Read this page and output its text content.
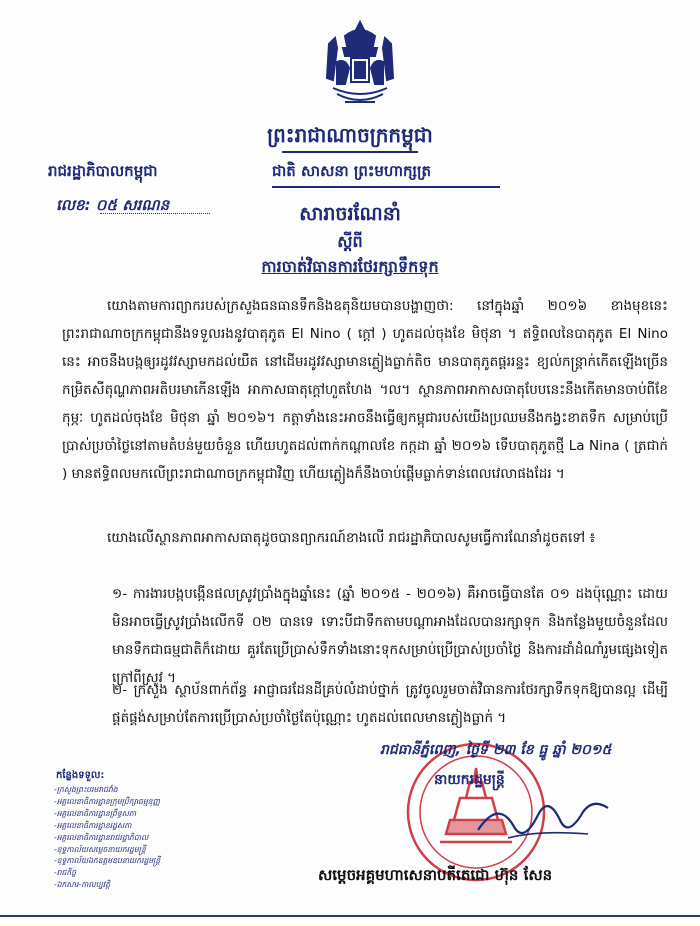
ព្រះរាជាណាចក្រកម្ពុជា
រាជរដ្ឋាភិបាលកម្ពុជា	ជាតិ សាសនា ព្រះមហាក្សត្រ
លេខ: ០៥ សរណន	សារាចរណែនាំ
ស្តីពី
ការចាត់វិធានការថែរក្សាទឹកទុក

យោងតាមការព្យាករបស់ក្រសួងធនធានទឹកនិងឧតុនិយមបានបង្ហាញថា: នៅក្នុងឆ្នាំ ២០១៦ ខាងមុខនេះព្រះរាជាណាចក្រកម្ពុជានឹងទទួលរងនូវបាតុភូត El Nino ( ក្តៅ ) ហូតដល់ចុងខែ មិថុនា ។ ឥទ្ធិពលនៃបាតុភូត El Nino នេះ អាចនឹងបង្កឲ្យរដូវវស្សាមកដល់យឺត នៅដើមរដូវវស្សាមានភ្លៀងធ្លាក់តិច មានបាតុភូតផ្គររន្ទះ ខ្យល់កន្ត្រាក់កើតឡើងច្រើន កម្រិតសីតុណ្ហភាពអតិបរមាកើនឡើង អាកាសធាតុក្តៅហួតហែង ។ល។ ស្ថានភាពអាកាសធាតុបែបនេះនឹងកើតមានចាប់ពីខែ កុម្ភៈ ហូតដល់ចុងខែ មិថុនា ឆ្នាំ ២០១៦។ កត្តាទាំងនេះអាចនឹងធ្វើឲ្យកម្ពុជារបស់យើងប្រឈមនឹងកង្វះខាតទឹក សម្រាប់ប្រើប្រាស់ប្រចាំថ្ងៃនៅតាមតំបន់មួយចំនួន ហើយហូតដល់ពាក់កណ្តាលខែ កក្កដា ឆ្នាំ ២០១៦ ទើបបាតុភូតថ្មី La Nina ( ត្រជាក់ ) មានឥទ្ធិពលមកលើព្រះរាជាណាចក្រកម្ពុជាវិញ ហើយភ្លៀងក៏នឹងចាប់ផ្តើមធ្លាក់ទាន់ពេលវេលាផងដែរ ។

យោងលើស្ថានភាពអាកាសធាតុដូចបានព្យាករណ៍ខាងលើ រាជរដ្ឋាភិបាលសូមធ្វើការណែនាំដូចតទៅ ៖

១- ការងារបង្កបង្កើនផលស្រូវប្រាំងក្នុងឆ្នាំនេះ (ឆ្នាំ ២០១៥ - ២០១៦) គឺអាចធ្វើបានតែ ០១ ដងប៉ុណ្ណោះ ដោយមិនអាចធ្វើស្រូវប្រាំងលើកទី ០២ បានទេ ទោះបីជាទឹកតាមបណ្តាអាងដែលបានរក្សាទុក និងកន្លែងមួយចំនួនដែលមានទឹកជាធម្មជាតិក៏ដោយ គួរតែប្រើប្រាស់ទឹកទាំងនោះទុកសម្រាប់ប្រើប្រាស់ប្រចាំថ្ងៃ និងការដាំដំណាំរួមផ្សេងទៀតក្រៅពីស្រូវ ។

២- ក្រសួង ស្ថាប័នពាក់ព័ន្ធ អាជ្ញាធរដែនដីគ្រប់លំដាប់ថ្នាក់ ត្រូវចូលរួមចាត់វិធានការថែរក្សាទឹកទុកឱ្យបានល្អ ដើម្បីផ្គត់ផ្គង់សម្រាប់តែការប្រើប្រាស់ប្រចាំថ្ងៃតែប៉ុណ្ណោះ ហូតដល់ពេលមានភ្លៀងធ្លាក់ ។

រាជធានីភ្នំពេញ, ថ្ងៃទី ២៣ ខែ ធ្នូ ឆ្នាំ ២០១៥
នាយករដ្ឋមន្ត្រី
សម្តេចអគ្គមហាសេនាបតីតេជោ ហ៊ុន សែន
កន្លែងទទួល:
-ក្រសួងព្រះបរមរាជវាំង
-អគ្គលេខាធិការដ្ឋានក្រុមប្រឹក្សាធម្មនុញ្ញ
-អគ្គលេខាធិការដ្ឋានព្រឹទ្ធសភា
-អគ្គលេខាធិការដ្ឋានរដ្ឋសភា
-អគ្គលេខាធិការដ្ឋានរាជរដ្ឋាភិបាល
-ខុទ្ទកាល័យសម្តេចនាយករដ្ឋមន្ត្រី
-ខុទ្ទកាល័យឯកឧត្តមឧបនាយករដ្ឋមន្ត្រី
-រាជកិច្ច
-ឯកសារ-កាលប្បវត្តិ
